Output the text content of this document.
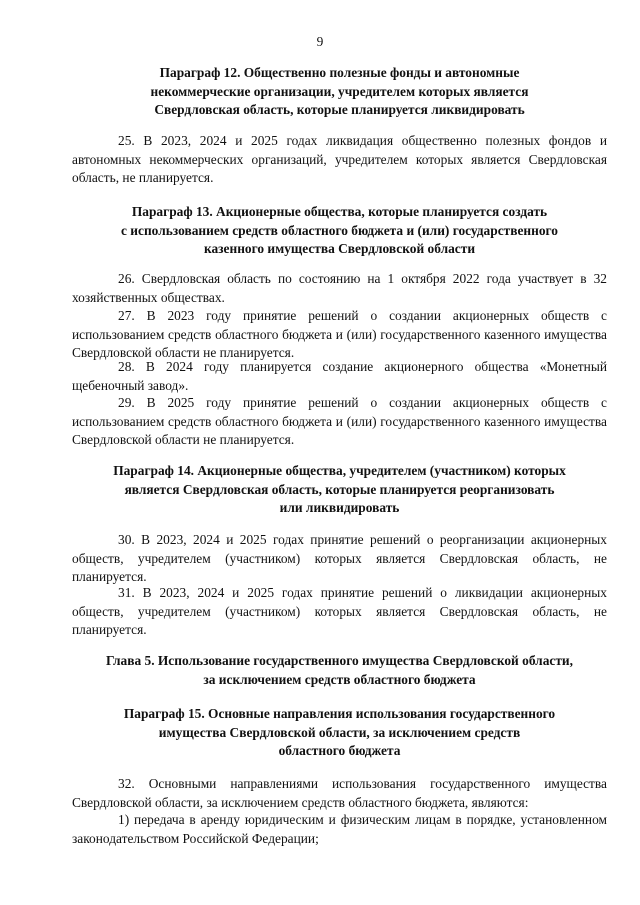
9
Параграф 12. Общественно полезные фонды и автономные
некоммерческие организации, учредителем которых является
Свердловская область, которые планируется ликвидировать
25. В 2023, 2024 и 2025 годах ликвидация общественно полезных фондов и автономных некоммерческих организаций, учредителем которых является Свердловская область, не планируется.
Параграф 13. Акционерные общества, которые планируется создать
с использованием средств областного бюджета и (или) государственного
казенного имущества Свердловской области
26. Свердловская область по состоянию на 1 октября 2022 года участвует в 32 хозяйственных обществах.
27. В 2023 году принятие решений о создании акционерных обществ с использованием средств областного бюджета и (или) государственного казенного имущества Свердловской области не планируется.
28. В 2024 году планируется создание акционерного общества «Монетный щебеночный завод».
29. В 2025 году принятие решений о создании акционерных обществ с использованием средств областного бюджета и (или) государственного казенного имущества Свердловской области не планируется.
Параграф 14. Акционерные общества, учредителем (участником) которых
является Свердловская область, которые планируется реорганизовать
или ликвидировать
30. В 2023, 2024 и 2025 годах принятие решений о реорганизации акционерных обществ, учредителем (участником) которых является Свердловская область, не планируется.
31. В 2023, 2024 и 2025 годах принятие решений о ликвидации акционерных обществ, учредителем (участником) которых является Свердловская область, не планируется.
Глава 5. Использование государственного имущества Свердловской области,
за исключением средств областного бюджета
Параграф 15. Основные направления использования государственного
имущества Свердловской области, за исключением средств
областного бюджета
32. Основными направлениями использования государственного имущества Свердловской области, за исключением средств областного бюджета, являются:
1) передача в аренду юридическим и физическим лицам в порядке, установленном законодательством Российской Федерации;
